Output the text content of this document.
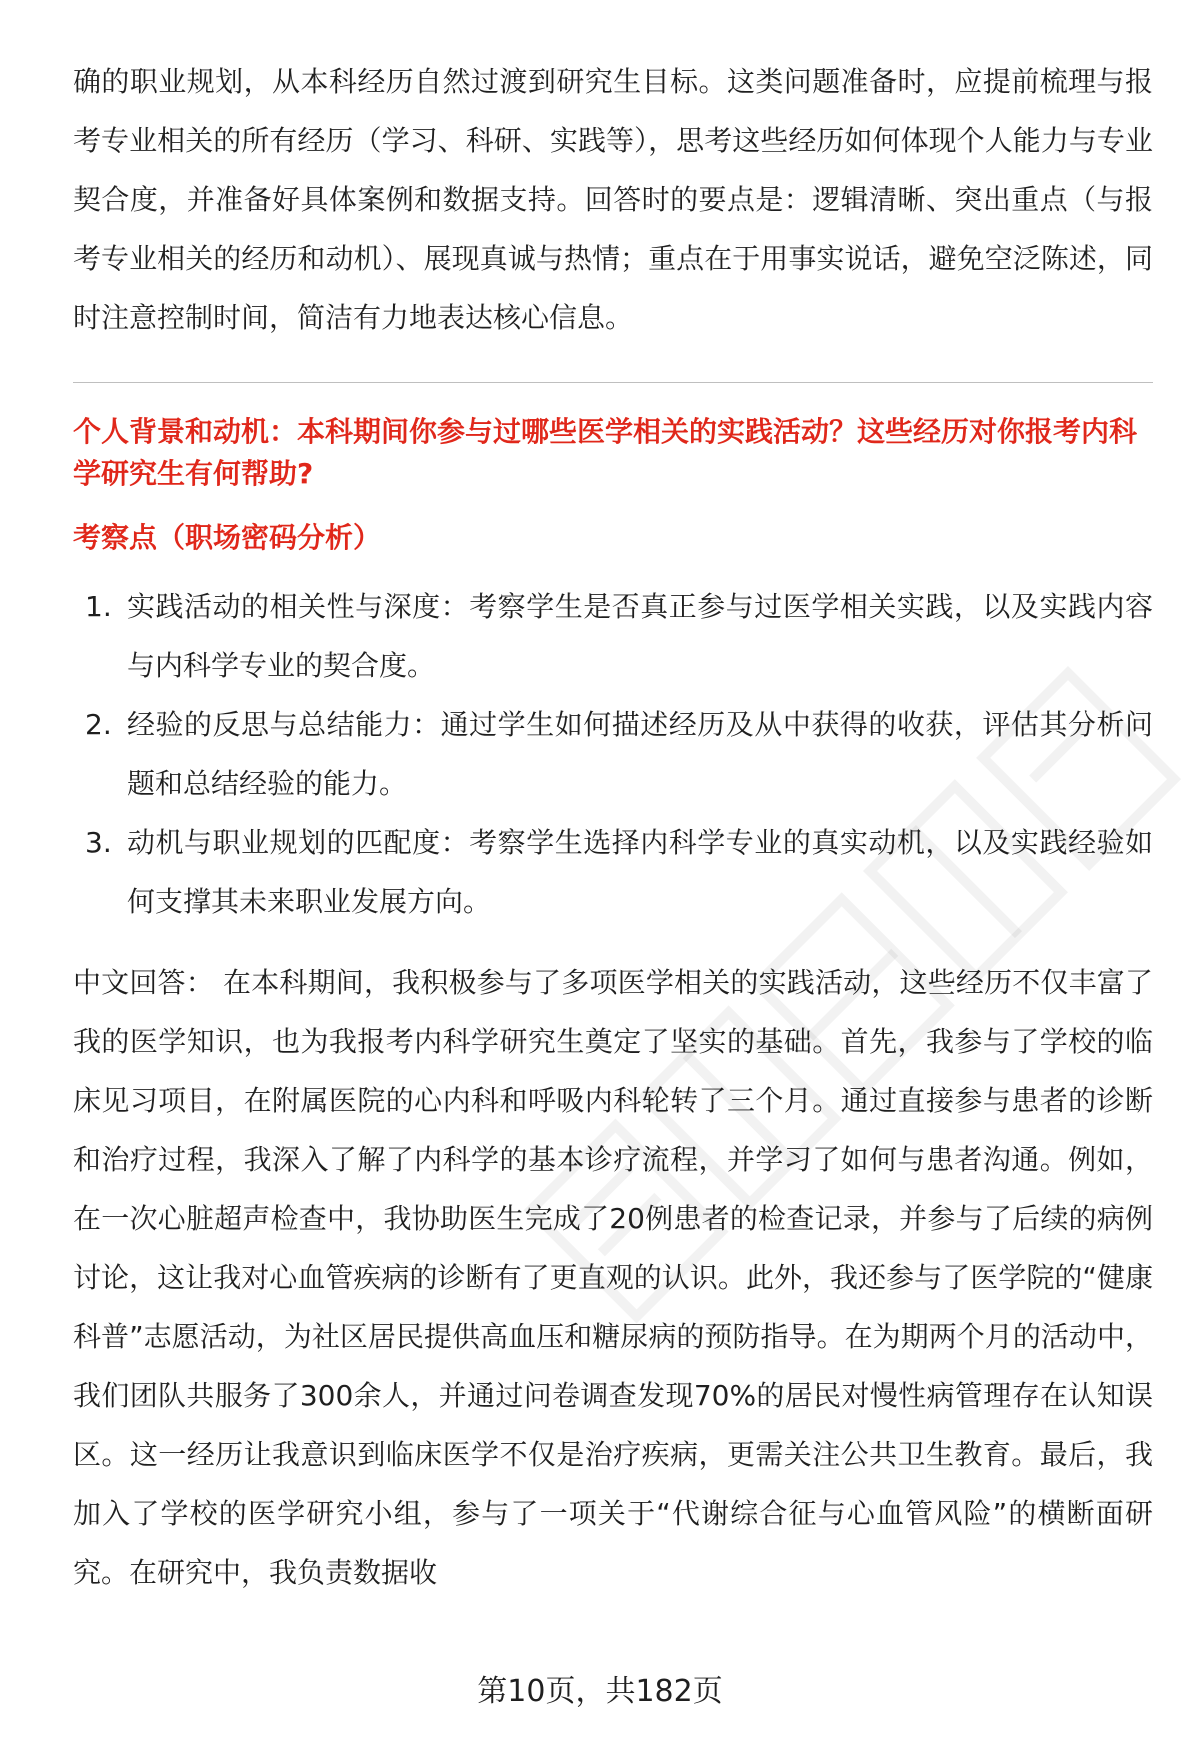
确的职业规划，从本科经历自然过渡到研究生目标。这类问题准备时，应提前梳理与报考专业相关的所有经历（学习、科研、实践等），思考这些经历如何体现个人能力与专业契合度，并准备好具体案例和数据支持。回答时的要点是：逻辑清晰、突出重点（与报考专业相关的经历和动机）、展现真诚与热情；重点在于用事实说话，避免空泛陈述，同时注意控制时间，简洁有力地表达核心信息。

个人背景和动机：本科期间你参与过哪些医学相关的实践活动？这些经历对你报考内科学研究生有何帮助?

考察点（职场密码分析）

1. 实践活动的相关性与深度：考察学生是否真正参与过医学相关实践，以及实践内容与内科学专业的契合度。
2. 经验的反思与总结能力：通过学生如何描述经历及从中获得的收获，评估其分析问题和总结经验的能力。
3. 动机与职业规划的匹配度：考察学生选择内科学专业的真实动机，以及实践经验如何支撑其未来职业发展方向。

中文回答： 在本科期间，我积极参与了多项医学相关的实践活动，这些经历不仅丰富了我的医学知识，也为我报考内科学研究生奠定了坚实的基础。首先，我参与了学校的临床见习项目，在附属医院的心内科和呼吸内科轮转了三个月。通过直接参与患者的诊断和治疗过程，我深入了解了内科学的基本诊疗流程，并学习了如何与患者沟通。例如，在一次心脏超声检查中，我协助医生完成了20例患者的检查记录，并参与了后续的病例讨论，这让我对心血管疾病的诊断有了更直观的认识。此外，我还参与了医学院的“健康科普”志愿活动，为社区居民提供高血压和糖尿病的预防指导。在为期两个月的活动中，我们团队共服务了300余人，并通过问卷调查发现70%的居民对慢性病管理存在认知误区。这一经历让我意识到临床医学不仅是治疗疾病，更需关注公共卫生教育。最后，我加入了学校的医学研究小组，参与了一项关于“代谢综合征与心血管风险”的横断面研究。在研究中，我负责数据收

第10页，共182页
